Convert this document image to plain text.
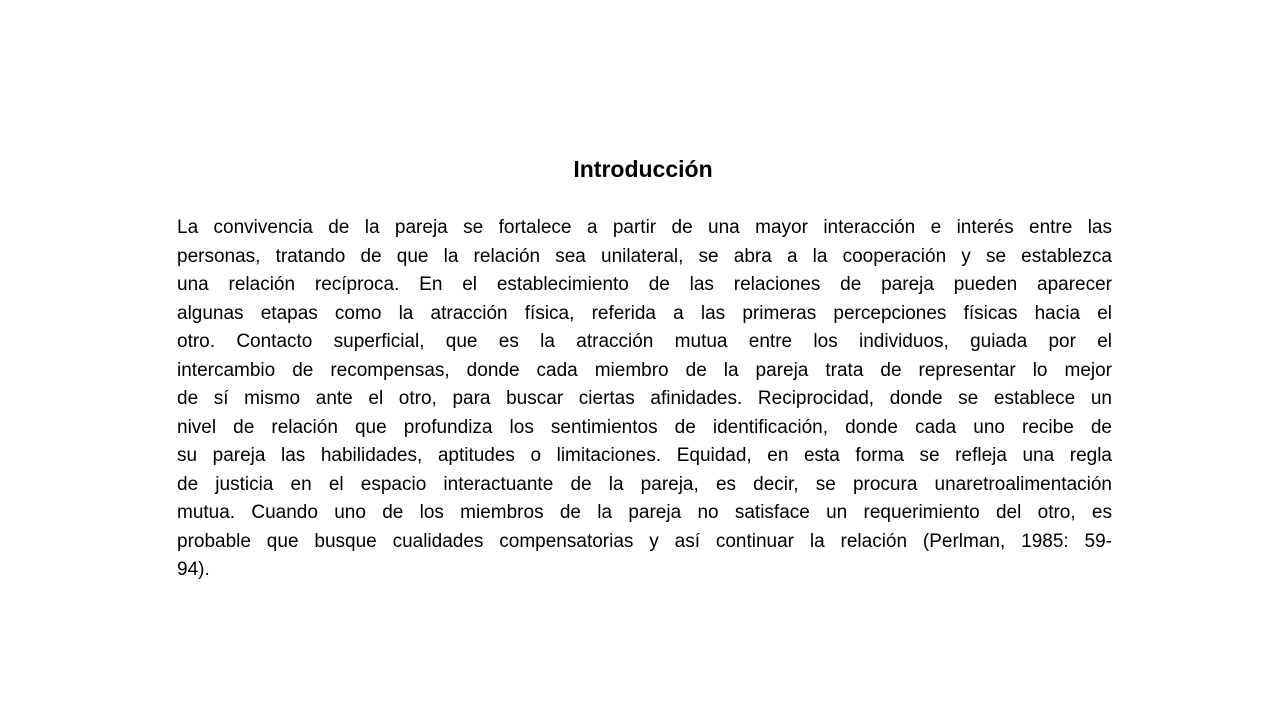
Introducción
La convivencia de la pareja se fortalece a partir de una mayor interacción e interés entre las
personas, tratando de que la relación sea unilateral, se abra a la cooperación y se establezca
una relación recíproca. En el establecimiento de las relaciones de pareja pueden aparecer
algunas etapas como la atracción física, referida a las primeras percepciones físicas hacia el
otro. Contacto superficial, que es la atracción mutua entre los individuos, guiada por el
intercambio de recompensas, donde cada miembro de la pareja trata de representar lo mejor
de sí mismo ante el otro, para buscar ciertas afinidades. Reciprocidad, donde se establece un
nivel de relación que profundiza los sentimientos de identificación, donde cada uno recibe de
su pareja las habilidades, aptitudes o limitaciones. Equidad, en esta forma se refleja una regla
de justicia en el espacio interactuante de la pareja, es decir, se procura unaretroalimentación
mutua. Cuando uno de los miembros de la pareja no satisface un requerimiento del otro, es
probable que busque cualidades compensatorias y así continuar la relación (Perlman, 1985: 59-
94).
